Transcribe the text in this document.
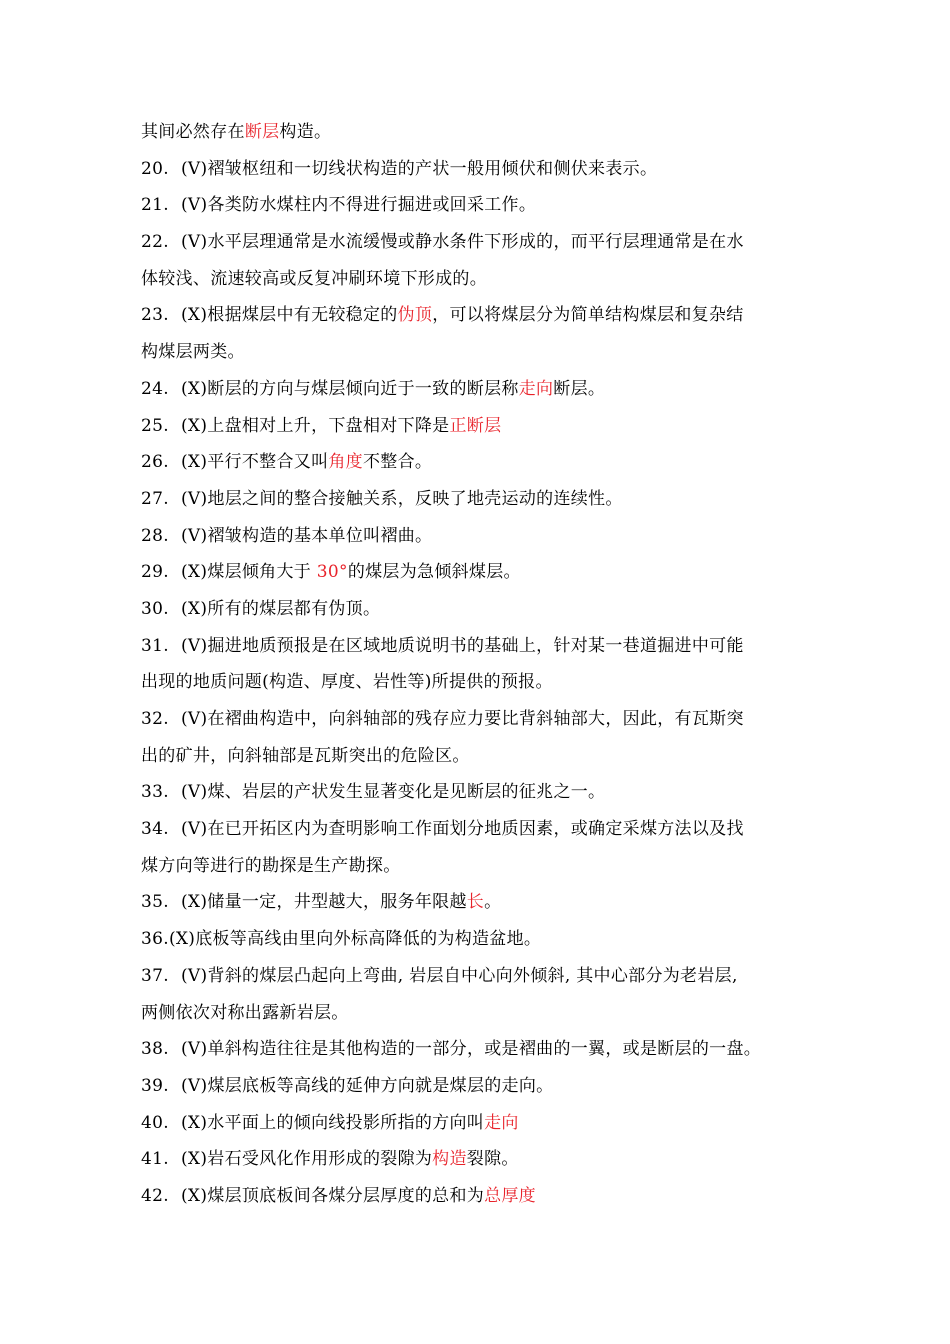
其间必然存在断层构造。
20. (V)褶皱枢纽和一切线状构造的产状一般用倾伏和侧伏来表示。
21. (V)各类防水煤柱内不得进行掘进或回采工作。
22. (V)水平层理通常是水流缓慢或静水条件下形成的，而平行层理通常是在水
体较浅、流速较高或反复冲刷环境下形成的。
23. (X)根据煤层中有无较稳定的伪顶，可以将煤层分为简单结构煤层和复杂结
构煤层两类。
24. (X)断层的方向与煤层倾向近于一致的断层称走向断层。
25. (X)上盘相对上升，下盘相对下降是正断层
26. (X)平行不整合又叫角度不整合。
27. (V)地层之间的整合接触关系，反映了地壳运动的连续性。
28. (V)褶皱构造的基本单位叫褶曲。
29. (X)煤层倾角大于 30°的煤层为急倾斜煤层。
30. (X)所有的煤层都有伪顶。
31. (V)掘进地质预报是在区域地质说明书的基础上，针对某一巷道掘进中可能
出现的地质问题(构造、厚度、岩性等)所提供的预报。
32. (V)在褶曲构造中，向斜轴部的残存应力要比背斜轴部大，因此，有瓦斯突
出的矿井，向斜轴部是瓦斯突出的危险区。
33. (V)煤、岩层的产状发生显著变化是见断层的征兆之一。
34. (V)在已开拓区内为查明影响工作面划分地质因素，或确定采煤方法以及找
煤方向等进行的勘探是生产勘探。
35. (X)储量一定，井型越大，服务年限越长。
36.(X)底板等高线由里向外标高降低的为构造盆地。
37. (V)背斜的煤层凸起向上弯曲, 岩层自中心向外倾斜, 其中心部分为老岩层,
两侧依次对称出露新岩层。
38. (V)单斜构造往往是其他构造的一部分，或是褶曲的一翼，或是断层的一盘。
39. (V)煤层底板等高线的延伸方向就是煤层的走向。
40. (X)水平面上的倾向线投影所指的方向叫走向
41. (X)岩石受风化作用形成的裂隙为构造裂隙。
42. (X)煤层顶底板间各煤分层厚度的总和为总厚度
